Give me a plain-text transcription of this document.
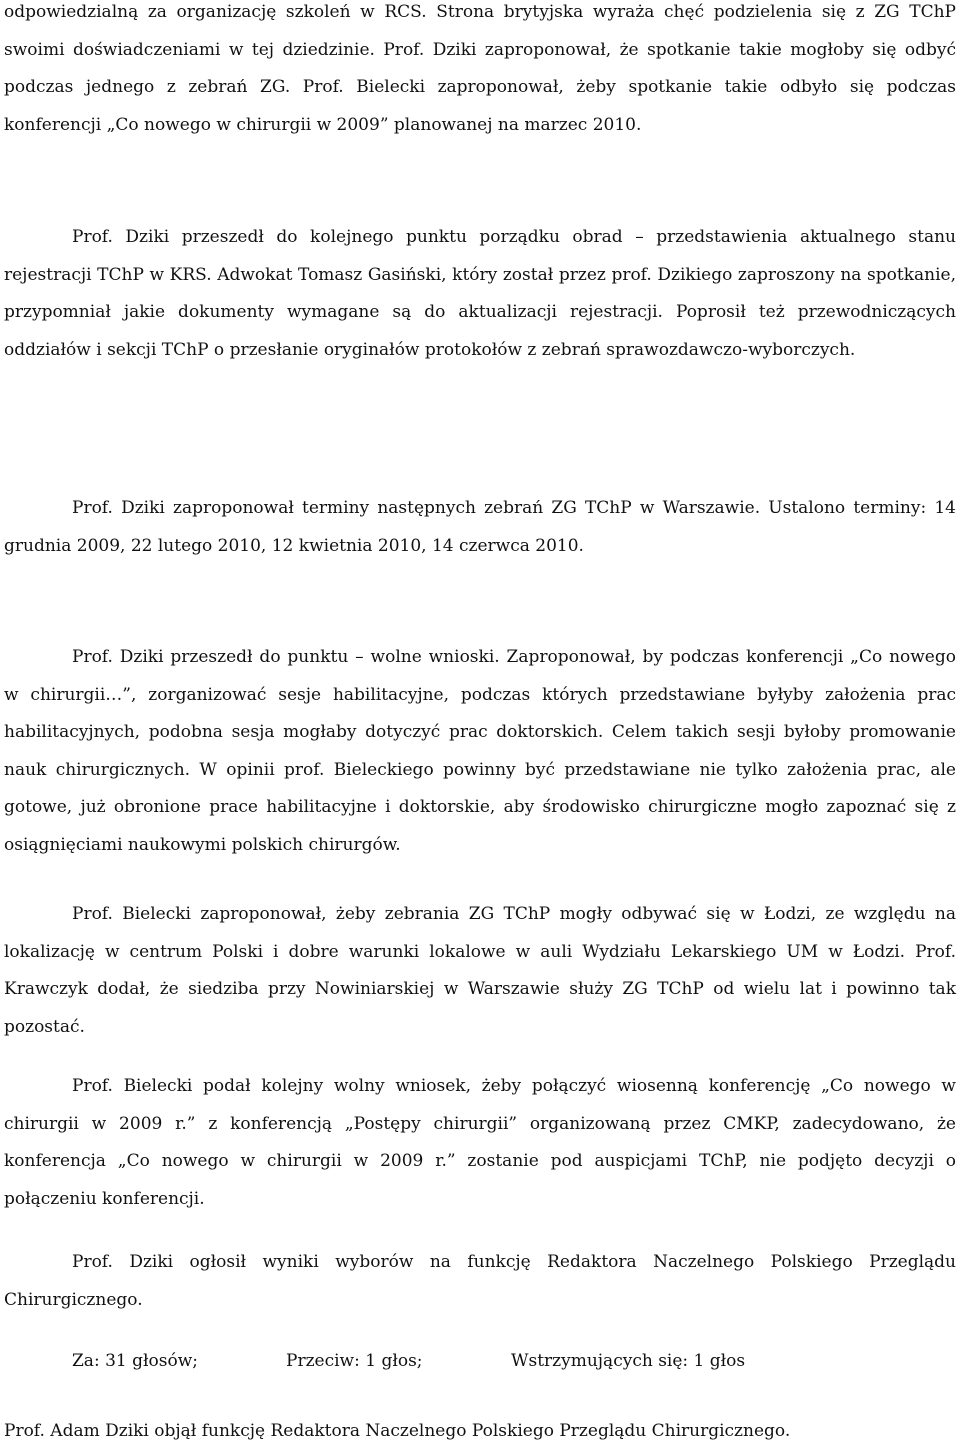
odpowiedzialną za organizację szkoleń w RCS. Strona brytyjska wyraża chęć podzielenia się z ZG TChP swoimi doświadczeniami w tej dziedzinie. Prof. Dziki zaproponował, że spotkanie takie mogłoby się odbyć podczas jednego z zebrań ZG. Prof. Bielecki zaproponował, żeby spotkanie takie odbyło się podczas konferencji „Co nowego w chirurgii w 2009” planowanej na marzec 2010.

Prof. Dziki przeszedł do kolejnego punktu porządku obrad – przedstawienia aktualnego stanu rejestracji TChP w KRS. Adwokat Tomasz Gasiński, który został przez prof. Dzikiego zaproszony na spotkanie, przypomniał jakie dokumenty wymagane są do aktualizacji rejestracji. Poprosił też przewodniczących oddziałów i sekcji TChP o przesłanie oryginałów protokołów z zebrań sprawozdawczo-wyborczych.

Prof. Dziki zaproponował terminy następnych zebrań ZG TChP w Warszawie. Ustalono terminy: 14 grudnia 2009, 22 lutego 2010, 12 kwietnia 2010, 14 czerwca 2010.

Prof. Dziki przeszedł do punktu – wolne wnioski. Zaproponował, by podczas konferencji „Co nowego w chirurgii…”, zorganizować sesje habilitacyjne, podczas których przedstawiane byłyby założenia prac habilitacyjnych, podobna sesja mogłaby dotyczyć prac doktorskich. Celem takich sesji byłoby promowanie nauk chirurgicznych. W opinii prof. Bieleckiego powinny być przedstawiane nie tylko założenia prac, ale gotowe, już obronione prace habilitacyjne i doktorskie, aby środowisko chirurgiczne mogło zapoznać się z osiągnięciami naukowymi polskich chirurgów.

Prof. Bielecki zaproponował, żeby zebrania ZG TChP mogły odbywać się w Łodzi, ze względu na lokalizację w centrum Polski i dobre warunki lokalowe w auli Wydziału Lekarskiego UM w Łodzi. Prof. Krawczyk dodał, że siedziba przy Nowiniarskiej w Warszawie służy ZG TChP od wielu lat i powinno tak pozostać.

Prof. Bielecki podał kolejny wolny wniosek, żeby połączyć wiosenną konferencję „Co nowego w chirurgii w 2009 r.” z konferencją „Postępy chirurgii” organizowaną przez CMKP, zadecydowano, że konferencja „Co nowego w chirurgii w 2009 r.” zostanie pod auspicjami TChP, nie podjęto decyzji o połączeniu konferencji.

Prof. Dziki ogłosił wyniki wyborów na funkcję Redaktora Naczelnego Polskiego Przeglądu Chirurgicznego.

Za: 31 głosów;	Przeciw: 1 głos;	Wstrzymujących się: 1 głos

Prof. Adam Dziki objął funkcję Redaktora Naczelnego Polskiego Przeglądu Chirurgicznego.
